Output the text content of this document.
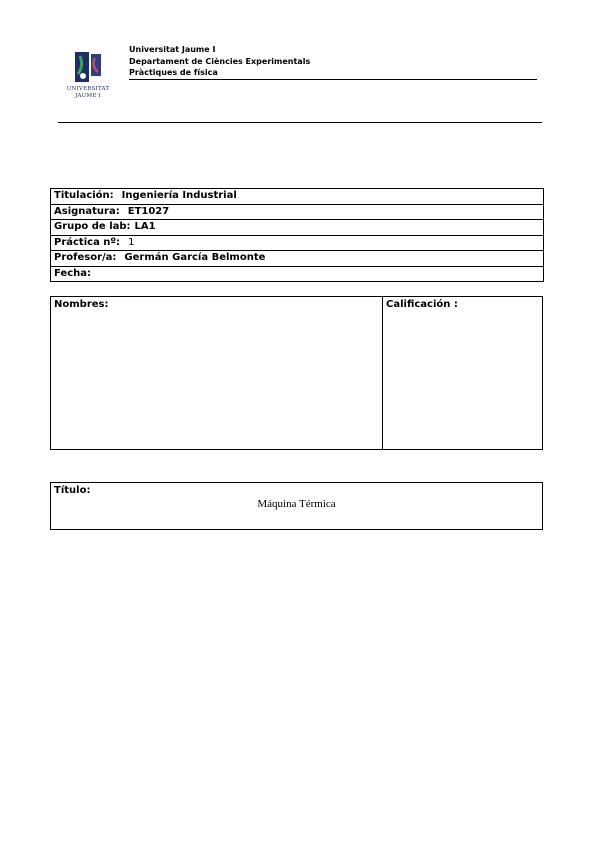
UNIVERSITAT
JAUME·I
Universitat Jaume I
Departament de Ciències Experimentals
Pràctiques de física
Titulación: Ingeniería Industrial
Asignatura: ET1027
Grupo de lab: LA1
Práctica nº: 1
Profesor/a: Germán García Belmonte
Fecha:
Nombres:	Calificación :
Título:
Máquina Térmica
